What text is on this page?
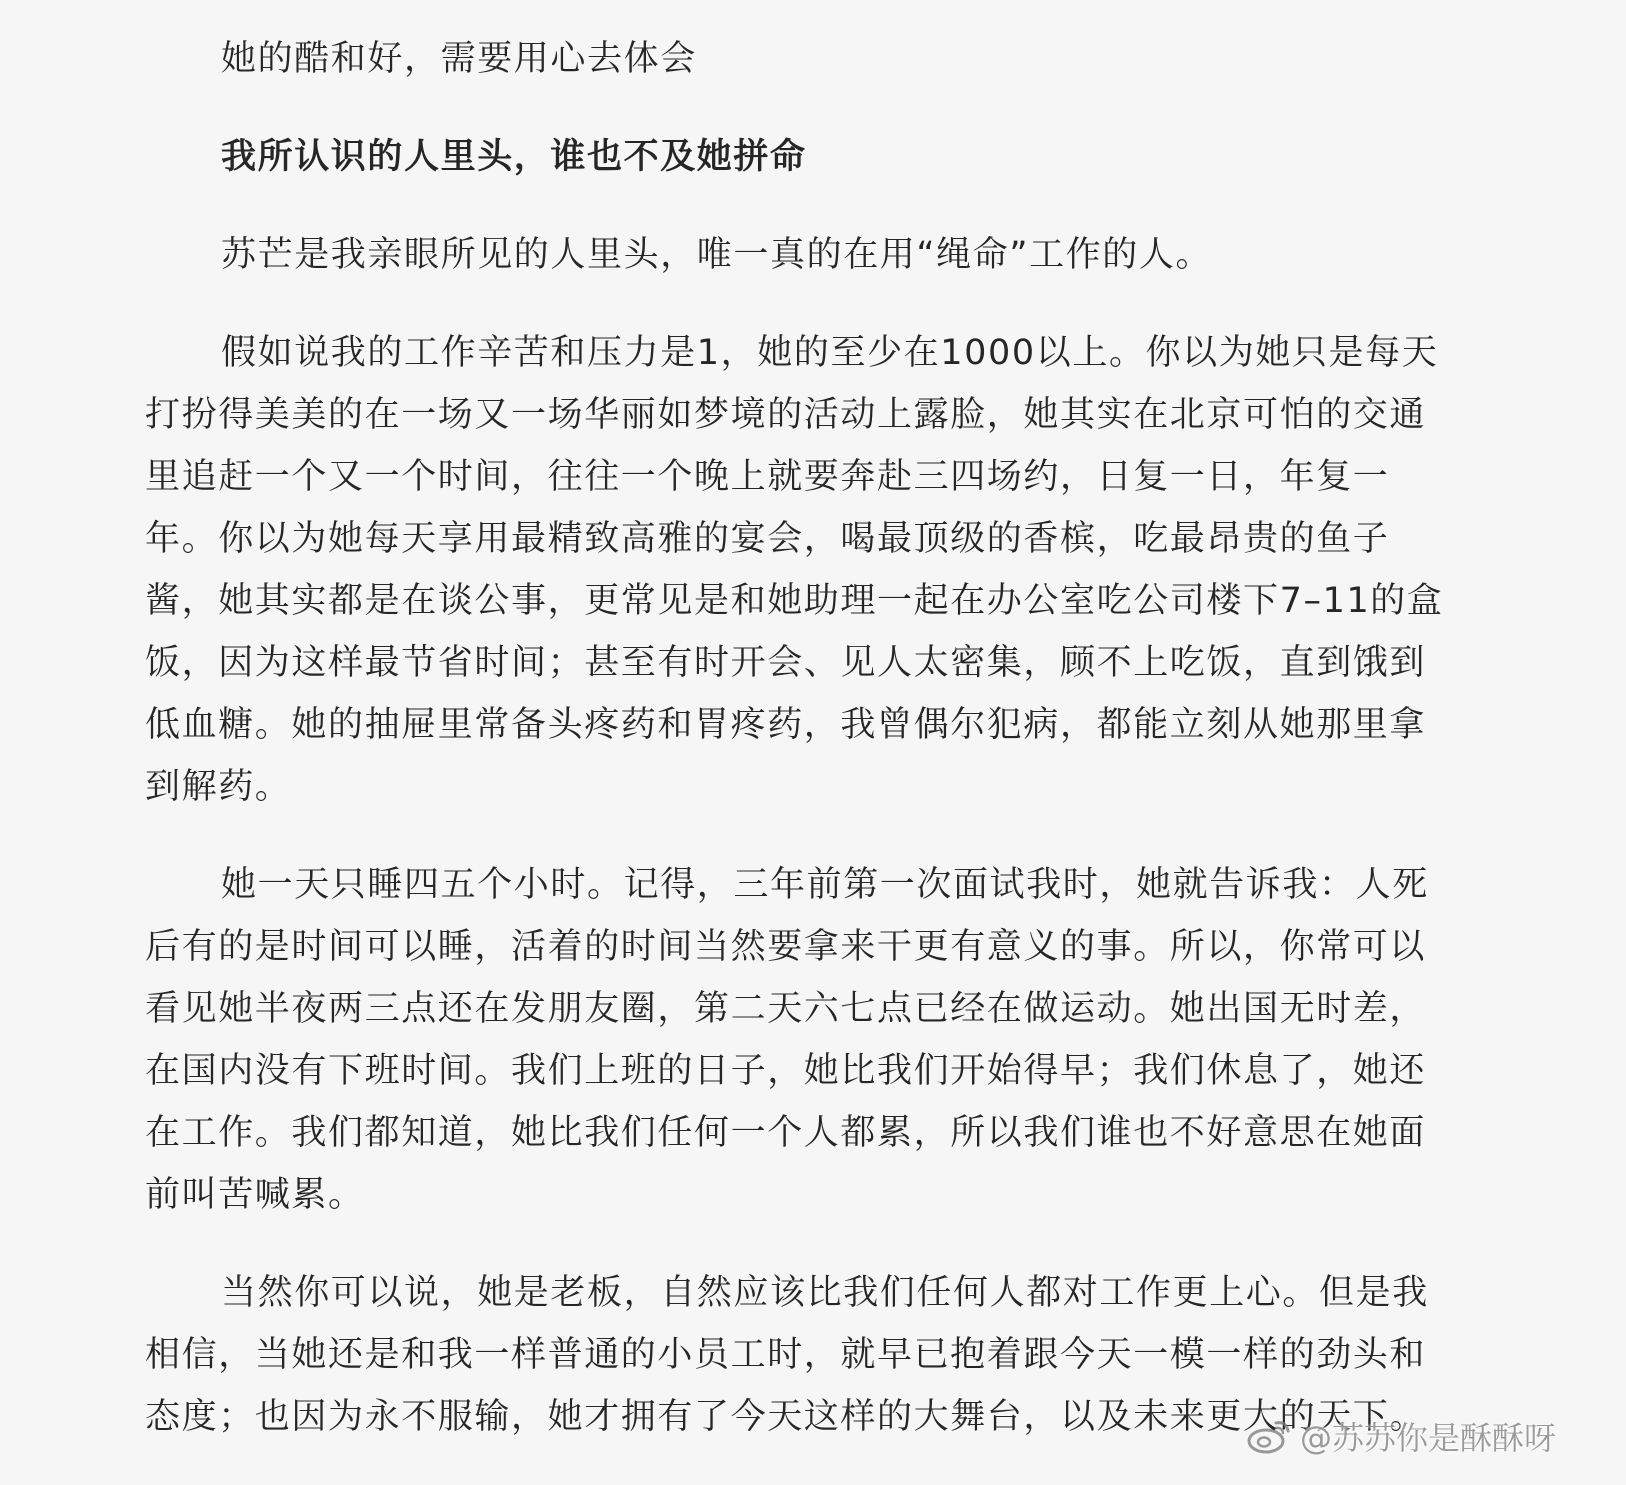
她的酷和好，需要用心去体会
我所认识的人里头，谁也不及她拼命
苏芒是我亲眼所见的人里头，唯一真的在用“绳命”工作的人。
假如说我的工作辛苦和压力是1，她的至少在1000以上。你以为她只是每天
打扮得美美的在一场又一场华丽如梦境的活动上露脸，她其实在北京可怕的交通
里追赶一个又一个时间，往往一个晚上就要奔赴三四场约，日复一日，年复一
年。你以为她每天享用最精致高雅的宴会，喝最顶级的香槟，吃最昂贵的鱼子
酱，她其实都是在谈公事，更常见是和她助理一起在办公室吃公司楼下7–11的盒
饭，因为这样最节省时间；甚至有时开会、见人太密集，顾不上吃饭，直到饿到
低血糖。她的抽屉里常备头疼药和胃疼药，我曾偶尔犯病，都能立刻从她那里拿
到解药。
她一天只睡四五个小时。记得，三年前第一次面试我时，她就告诉我：人死
后有的是时间可以睡，活着的时间当然要拿来干更有意义的事。所以，你常可以
看见她半夜两三点还在发朋友圈，第二天六七点已经在做运动。她出国无时差，
在国内没有下班时间。我们上班的日子，她比我们开始得早；我们休息了，她还
在工作。我们都知道，她比我们任何一个人都累，所以我们谁也不好意思在她面
前叫苦喊累。
当然你可以说，她是老板，自然应该比我们任何人都对工作更上心。但是我
相信，当她还是和我一样普通的小员工时，就早已抱着跟今天一模一样的劲头和
态度；也因为永不服输，她才拥有了今天这样的大舞台，以及未来更大的天下。
@苏苏你是酥酥呀
